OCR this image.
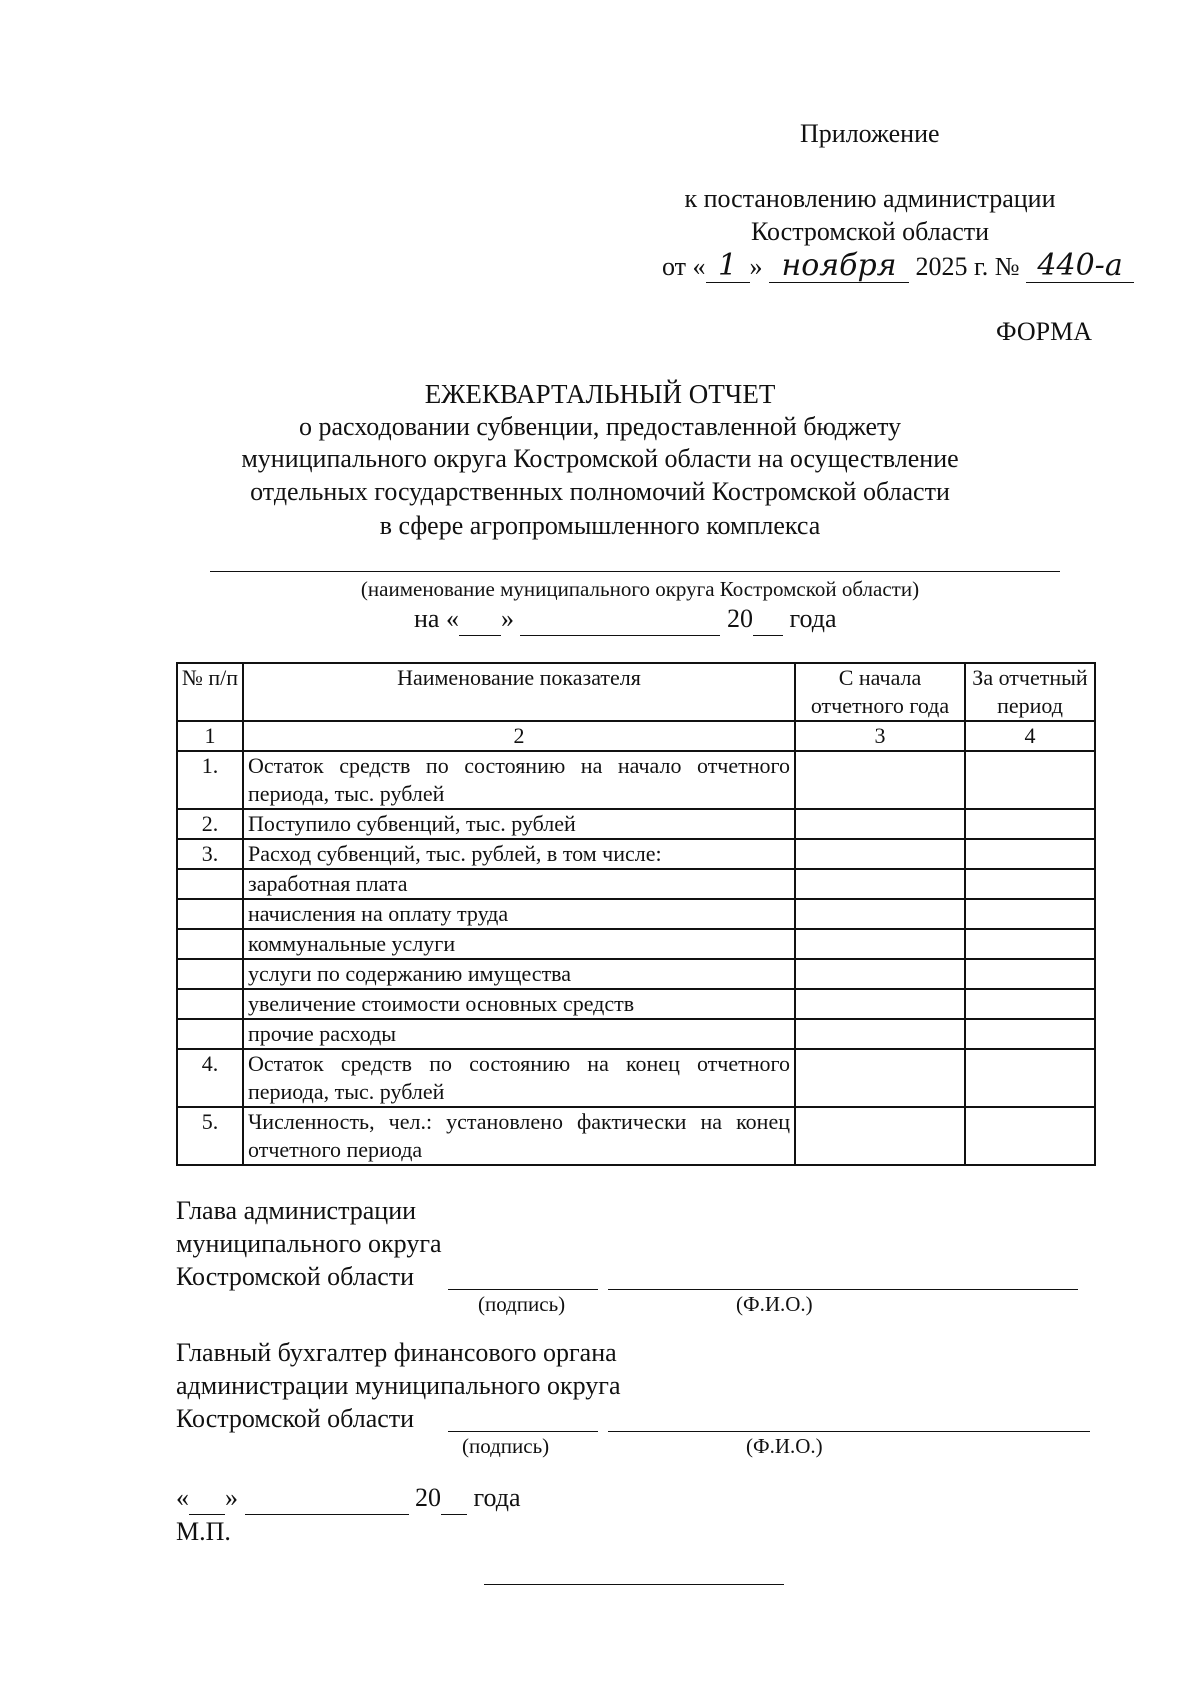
Приложение
к постановлению администрации
Костромской области
от « 1 » ноября 2025 г. № 440-а
ФОРМА
ЕЖЕКВАРТАЛЬНЫЙ ОТЧЕТ
о расходовании субвенции, предоставленной бюджету
муниципального округа Костромской области на осуществление
отдельных государственных полномочий Костромской области
в сфере агропромышленного комплекса
(наименование муниципального округа Костромской области)
на « »	20 года
№ п/п	Наименование показателя	С начала отчетного года	За отчетный период
1	2	3	4
1.	Остаток средств по состоянию на начало отчетного периода, тыс. рублей		
2.	Поступило субвенций, тыс. рублей		
3.	Расход субвенций, тыс. рублей, в том числе:		
	заработная плата		
	начисления на оплату труда		
	коммунальные услуги		
	услуги по содержанию имущества		
	увеличение стоимости основных средств		
	прочие расходы		
4.	Остаток средств по состоянию на конец отчетного периода, тыс. рублей		
5.	Численность, чел.: установлено фактически на конец отчетного периода		
Глава администрации
муниципального округа
Костромской области
(подпись)	(Ф.И.О.)
Главный бухгалтер финансового органа
администрации муниципального округа
Костромской области
(подпись)	(Ф.И.О.)
« »	20 года
М.П.
